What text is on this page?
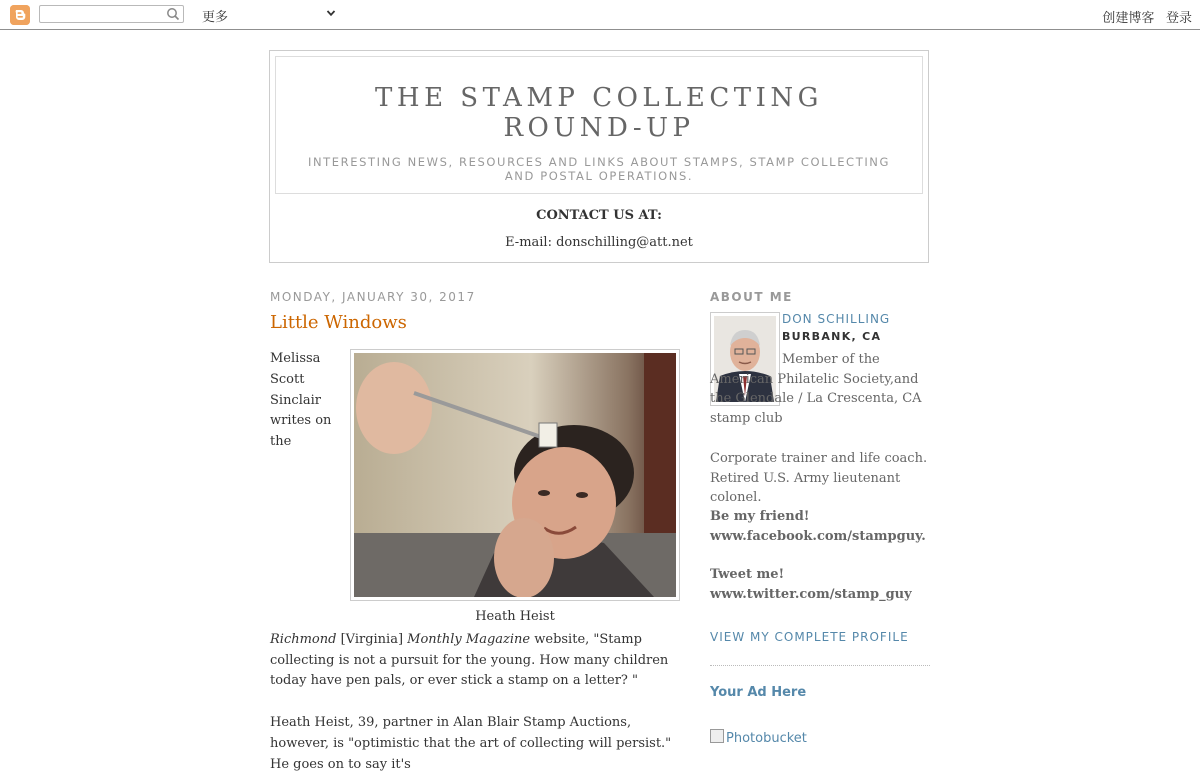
更多	创建博客 登录
THE STAMP COLLECTING ROUND-UP
INTERESTING NEWS, RESOURCES AND LINKS ABOUT STAMPS, STAMP COLLECTING AND POSTAL OPERATIONS.
CONTACT US AT:
E-mail: donschilling@att.net
MONDAY, JANUARY 30, 2017
Little Windows
Heath Heist

Melissa Scott Sinclair writes on the Richmond [Virginia] Monthly Magazine website, "Stamp collecting is not a pursuit for the young. How many children today have pen pals, or ever stick a stamp on a letter? "

Heath Heist, 39, partner in Alan Blair Stamp Auctions, however, is "optimistic that the art of collecting will persist." He goes on to say it's

ABOUT ME
DON SCHILLING
BURBANK, CA
Member of the American Philatelic Society,and the Glendale / La Crescenta, CA stamp club
Corporate trainer and life coach. Retired U.S. Army lieutenant colonel.
Be my friend!
www.facebook.com/stampguy.
Tweet me!
www.twitter.com/stamp_guy
VIEW MY COMPLETE PROFILE
Your Ad Here
Photobucket
